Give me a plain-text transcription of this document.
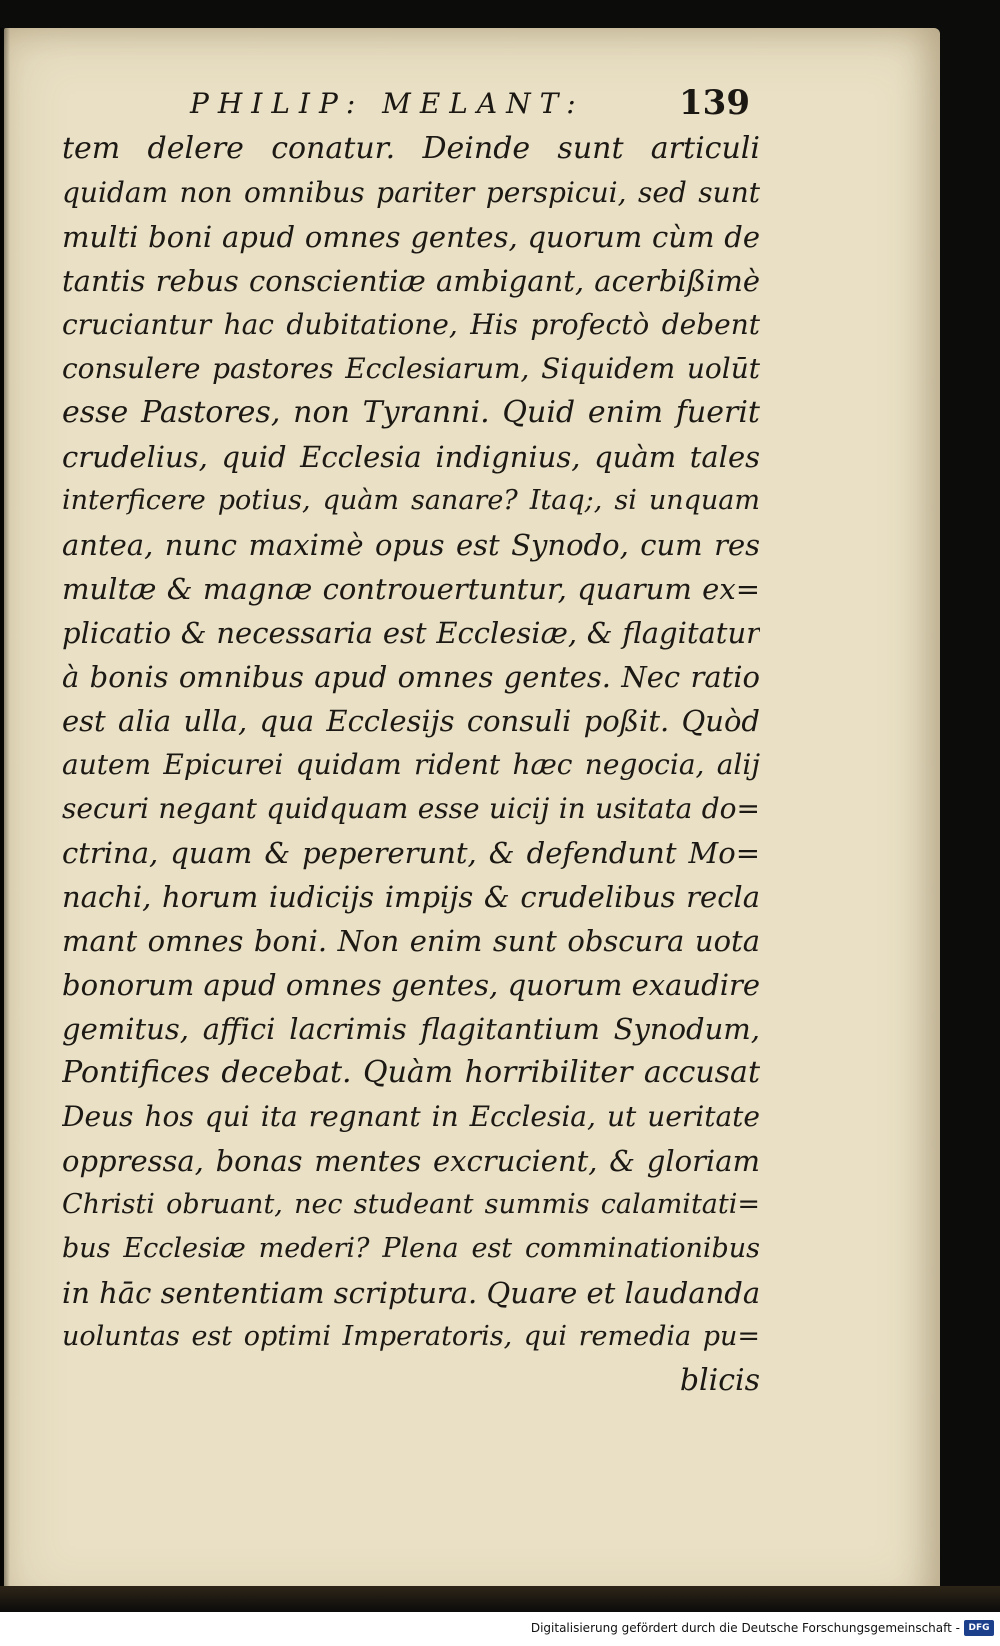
PHILIP: MELANT:	139
tem delere conatur. Deinde sunt articuli
quidam non omnibus pariter perspicui, sed sunt
multi boni apud omnes gentes, quorum cùm de
tantis rebus conscientiæ ambigant, acerbißimè
cruciantur hac dubitatione, His profectò debent
consulere pastores Ecclesiarum, Siquidem uolūt
esse Pastores, non Tyranni. Quid enim fuerit
crudelius, quid Ecclesia indignius, quàm tales
interficere potius, quàm sanare? Itaq;, si unquam
antea, nunc maximè opus est Synodo, cum res
multæ & magnæ controuertuntur, quarum ex=
plicatio & necessaria est Ecclesiæ, & flagitatur
à bonis omnibus apud omnes gentes. Nec ratio
est alia ulla, qua Ecclesijs consuli poßit. Quòd
autem Epicurei quidam rident hæc negocia, alij
securi negant quidquam esse uicij in usitata do=
ctrina, quam & pepererunt, & defendunt Mo=
nachi, horum iudicijs impijs & crudelibus recla
mant omnes boni. Non enim sunt obscura uota
bonorum apud omnes gentes, quorum exaudire
gemitus, affici lacrimis flagitantium Synodum,
Pontifices decebat. Quàm horribiliter accusat
Deus hos qui ita regnant in Ecclesia, ut ueritate
oppressa, bonas mentes excrucient, & gloriam
Christi obruant, nec studeant summis calamitati=
bus Ecclesiæ mederi? Plena est comminationibus
in hāc sententiam scriptura. Quare et laudanda
uoluntas est optimi Imperatoris, qui remedia pu=
blicis
Digitalisierung gefördert durch die Deutsche Forschungsgemeinschaft - DFG
